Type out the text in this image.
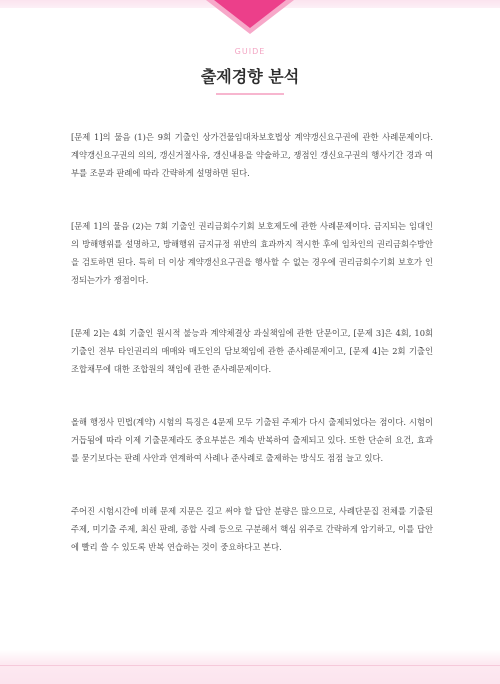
GUIDE
출제경향 분석

[문제 1]의 물음 (1)은 9회 기출인 상가건물임대차보호법상 계약갱신요구권에 관한 사례문제이다. 계약갱신요구권의 의의, 갱신거절사유, 갱신내용을 약술하고, 쟁점인 갱신요구권의 행사기간 경과 여부를 조문과 판례에 따라 간략하게 설명하면 된다.

[문제 1]의 물음 (2)는 7회 기출인 권리금회수기회 보호제도에 관한 사례문제이다. 금지되는 임대인의 방해행위를 설명하고, 방해행위 금지규정 위반의 효과까지 적시한 후에 임차인의 권리금회수방안을 검토하면 된다. 특히 더 이상 계약갱신요구권을 행사할 수 없는 경우에 권리금회수기회 보호가 인정되는가가 쟁점이다.

[문제 2]는 4회 기출인 원시적 불능과 계약체결상 과실책임에 관한 단문이고, [문제 3]은 4회, 10회 기출인 전부 타인권리의 매매와 매도인의 담보책임에 관한 준사례문제이고, [문제 4]는 2회 기출인 조합채무에 대한 조합원의 책임에 관한 준사례문제이다.

올해 행정사 민법(계약) 시험의 특징은 4문제 모두 기출된 주제가 다시 출제되었다는 점이다. 시험이 거듭됨에 따라 이제 기출문제라도 중요부분은 계속 반복하여 출제되고 있다. 또한 단순히 요건, 효과를 묻기보다는 판례 사안과 연계하여 사례나 준사례로 출제하는 방식도 점점 늘고 있다.

주어진 시험시간에 비해 문제 지문은 길고 써야 할 답안 분량은 많으므로, 사례단문집 전체를 기출된 주제, 미기출 주제, 최신 판례, 종합 사례 등으로 구분해서 핵심 위주로 간략하게 암기하고, 이를 답안에 빨리 쓸 수 있도록 반복 연습하는 것이 중요하다고 본다.
